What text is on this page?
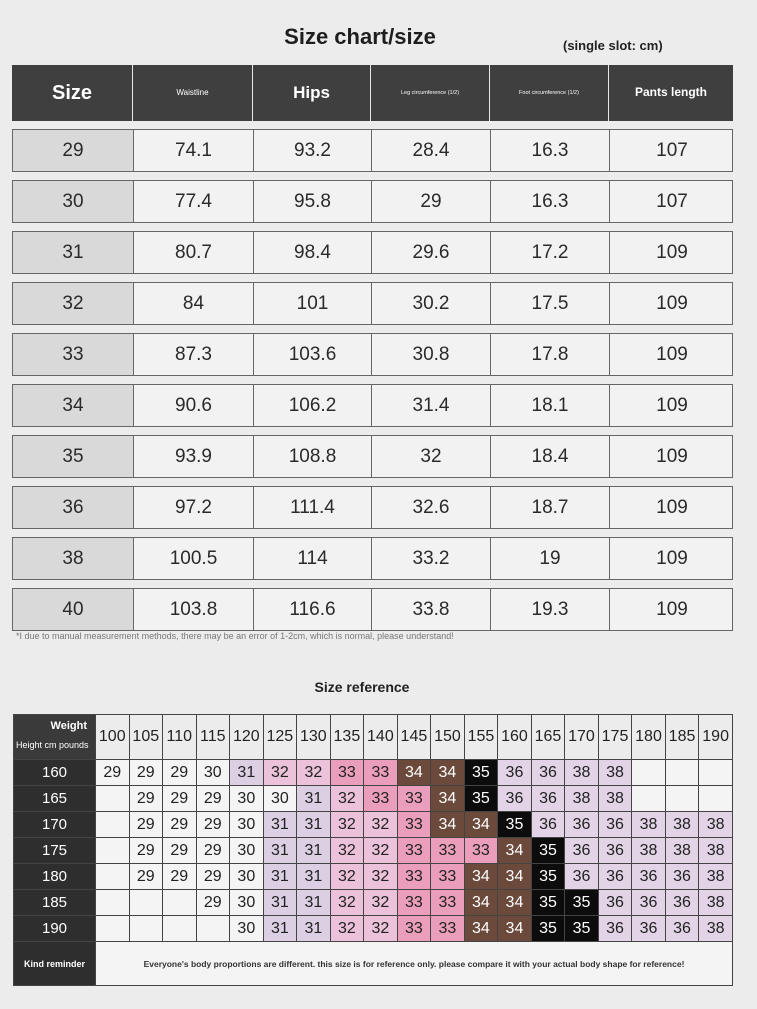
Size chart/size	(single slot: cm)
Size	Waistline	Hips	Leg circumference (1/2)	Foot circumference (1/2)	Pants length
29	74.1	93.2	28.4	16.3	107
30	77.4	95.8	29	16.3	107
31	80.7	98.4	29.6	17.2	109
32	84	101	30.2	17.5	109
33	87.3	103.6	30.8	17.8	109
34	90.6	106.2	31.4	18.1	109
35	93.9	108.8	32	18.4	109
36	97.2	111.4	32.6	18.7	109
38	100.5	114	33.2	19	109
40	103.8	116.6	33.8	19.3	109
*I due to manual measurement methods, there may be an error of 1-2cm, which is normal, please understand!
Size reference
Weight
Height cm pounds	100	105	110	115	120	125	130	135	140	145	150	155	160	165	170	175	180	185	190
160	29	29	29	30	31	32	32	33	33	34	34	35	36	36	38	38			
165		29	29	29	30	30	31	32	33	33	34	35	36	36	38	38			
170		29	29	29	30	31	31	32	32	33	34	34	35	36	36	36	38	38	38
175		29	29	29	30	31	31	32	32	33	33	33	34	35	36	36	38	38	38
180		29	29	29	30	31	31	32	32	33	33	34	34	35	36	36	36	36	38
185				29	30	31	31	32	32	33	33	34	34	35	35	36	36	36	38
190					30	31	31	32	32	33	33	34	34	35	35	36	36	36	38
Kind reminder	Everyone's body proportions are different. this size is for reference only. please compare it with your actual body shape for reference!																		
